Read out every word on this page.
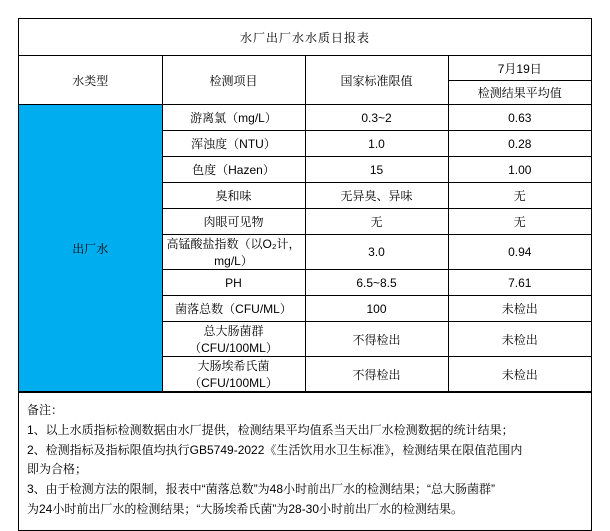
水厂出厂水水质日报表			
水类型	检测项目	国家标准限值	7月19日
			检测结果平均值
出厂水	游离氯（mg/L）	0.3~2	0.63
	浑浊度（NTU）	1.0	0.28
	色度（Hazen）	15	1.00
	臭和味	无异臭、异味	无
	肉眼可见物	无	无
	高锰酸盐指数（以O₂计，mg/L）	3.0	0.94
	PH	6.5~8.5	7.61
	菌落总数（CFU/ML）	100	未检出
	总大肠菌群（CFU/100ML）	不得检出	未检出
	大肠埃希氏菌（CFU/100ML）	不得检出	未检出
备注：
1、以上水质指标检测数据由水厂提供，检测结果平均值系当天出厂水检测数据的统计结果；
2、检测指标及指标限值均执行GB5749-2022《生活饮用水卫生标准》，检测结果在限值范围内
即为合格；
3、由于检测方法的限制，报表中“菌落总数”为48小时前出厂水的检测结果；“总大肠菌群”
为24小时前出厂水的检测结果；“大肠埃希氏菌”为28-30小时前出厂水的检测结果。
